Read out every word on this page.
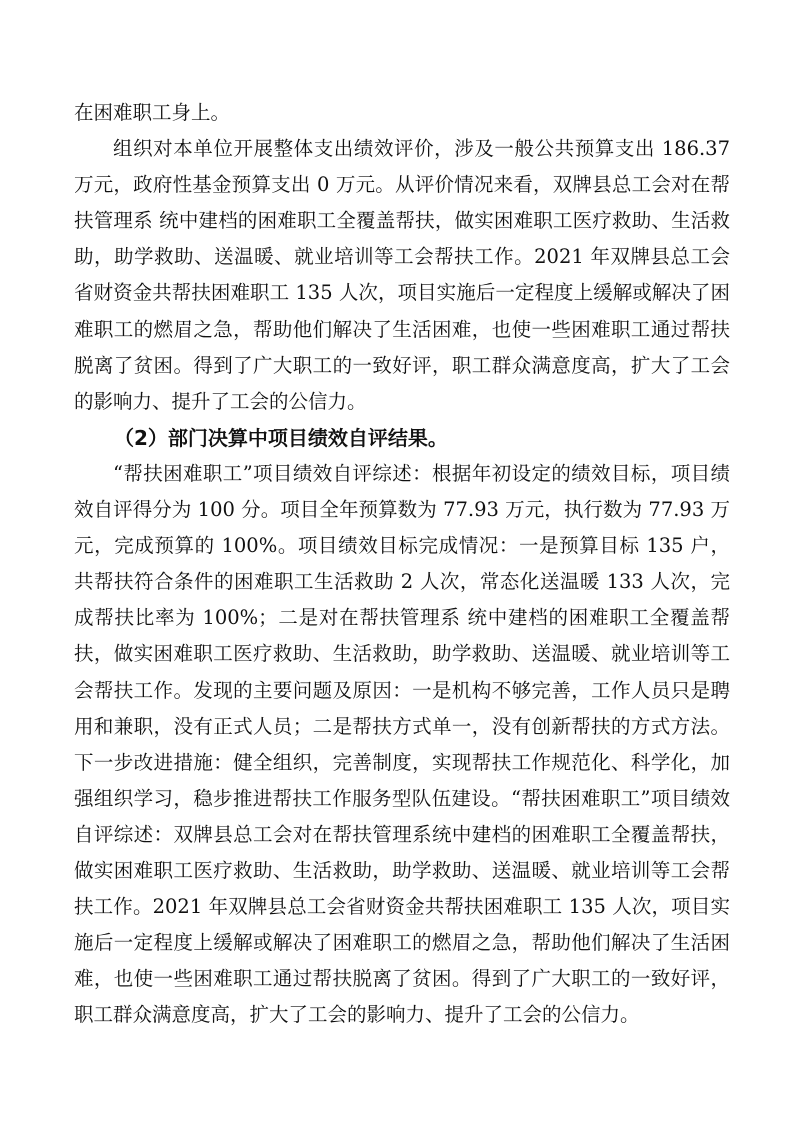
在困难职工身上。

组织对本单位开展整体支出绩效评价，涉及一般公共预算支出 186.37 万元，政府性基金预算支出 0 万元。从评价情况来看，双牌县总工会对在帮扶管理系 统中建档的困难职工全覆盖帮扶，做实困难职工医疗救助、生活救助，助学救助、送温暖、就业培训等工会帮扶工作。2021 年双牌县总工会省财资金共帮扶困难职工 135 人次，项目实施后一定程度上缓解或解决了困难职工的燃眉之急，帮助他们解决了生活困难，也使一些困难职工通过帮扶脱离了贫困。得到了广大职工的一致好评，职工群众满意度高，扩大了工会的影响力、提升了工会的公信力。

（2）部门决算中项目绩效自评结果。

“帮扶困难职工”项目绩效自评综述：根据年初设定的绩效目标，项目绩效自评得分为 100 分。项目全年预算数为 77.93 万元，执行数为 77.93 万元，完成预算的 100%。项目绩效目标完成情况：一是预算目标 135 户，共帮扶符合条件的困难职工生活救助 2 人次，常态化送温暖 133 人次，完成帮扶比率为 100%；二是对在帮扶管理系 统中建档的困难职工全覆盖帮扶，做实困难职工医疗救助、生活救助，助学救助、送温暖、就业培训等工会帮扶工作。发现的主要问题及原因：一是机构不够完善，工作人员只是聘用和兼职，没有正式人员；二是帮扶方式单一，没有创新帮扶的方式方法。下一步改进措施：健全组织，完善制度，实现帮扶工作规范化、科学化，加 强组织学习，稳步推进帮扶工作服务型队伍建设。“帮扶困难职工”项目绩效自评综述：双牌县总工会对在帮扶管理系统中建档的困难职工全覆盖帮扶，做实困难职工医疗救助、生活救助，助学救助、送温暖、就业培训等工会帮扶工作。2021 年双牌县总工会省财资金共帮扶困难职工 135 人次，项目实施后一定程度上缓解或解决了困难职工的燃眉之急，帮助他们解决了生活困难，也使一些困难职工通过帮扶脱离了贫困。得到了广大职工的一致好评，职工群众满意度高，扩大了工会的影响力、提升了工会的公信力。
